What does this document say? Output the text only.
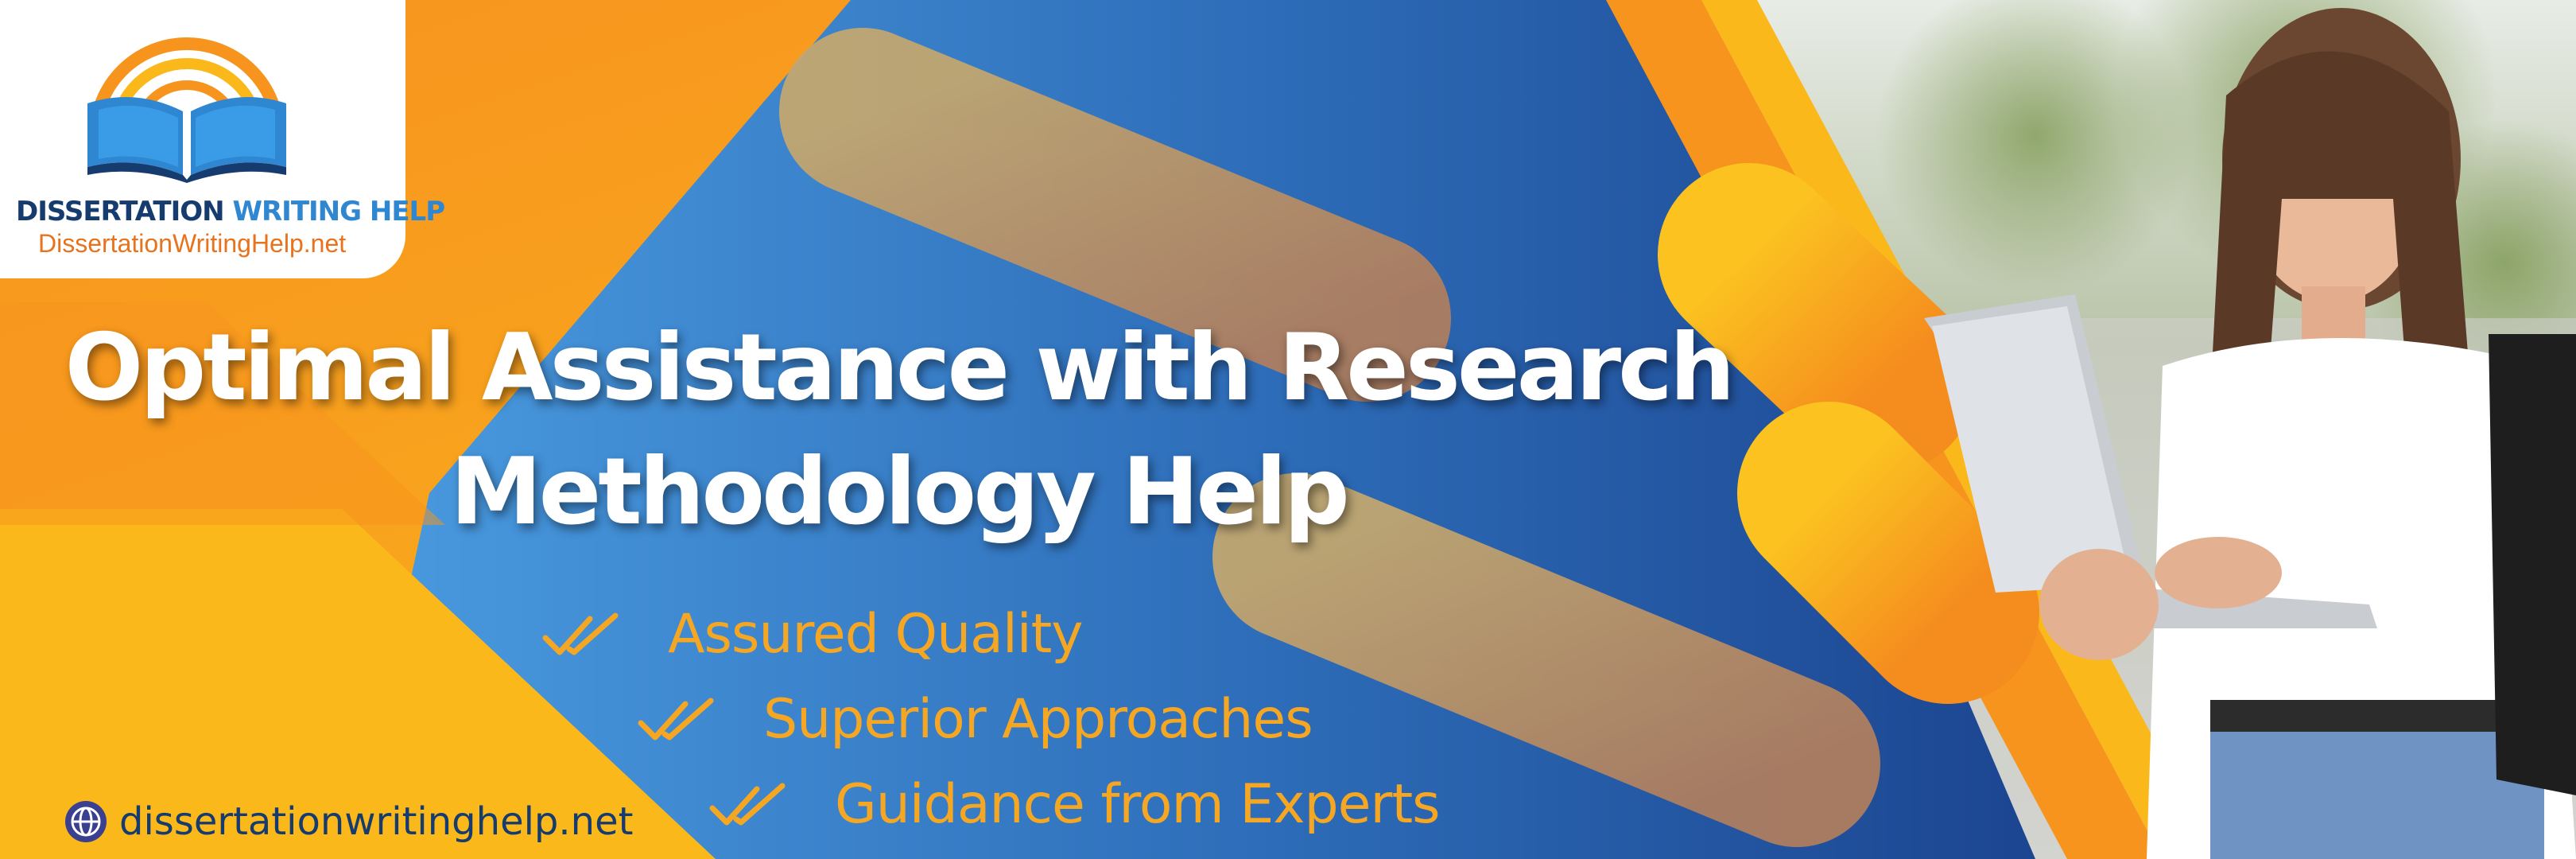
DISSERTATION WRITING HELP
DissertationWritingHelp.net
Optimal Assistance with Research
Methodology Help
Assured Quality
Superior Approaches
Guidance from Experts
dissertationwritinghelp.net
